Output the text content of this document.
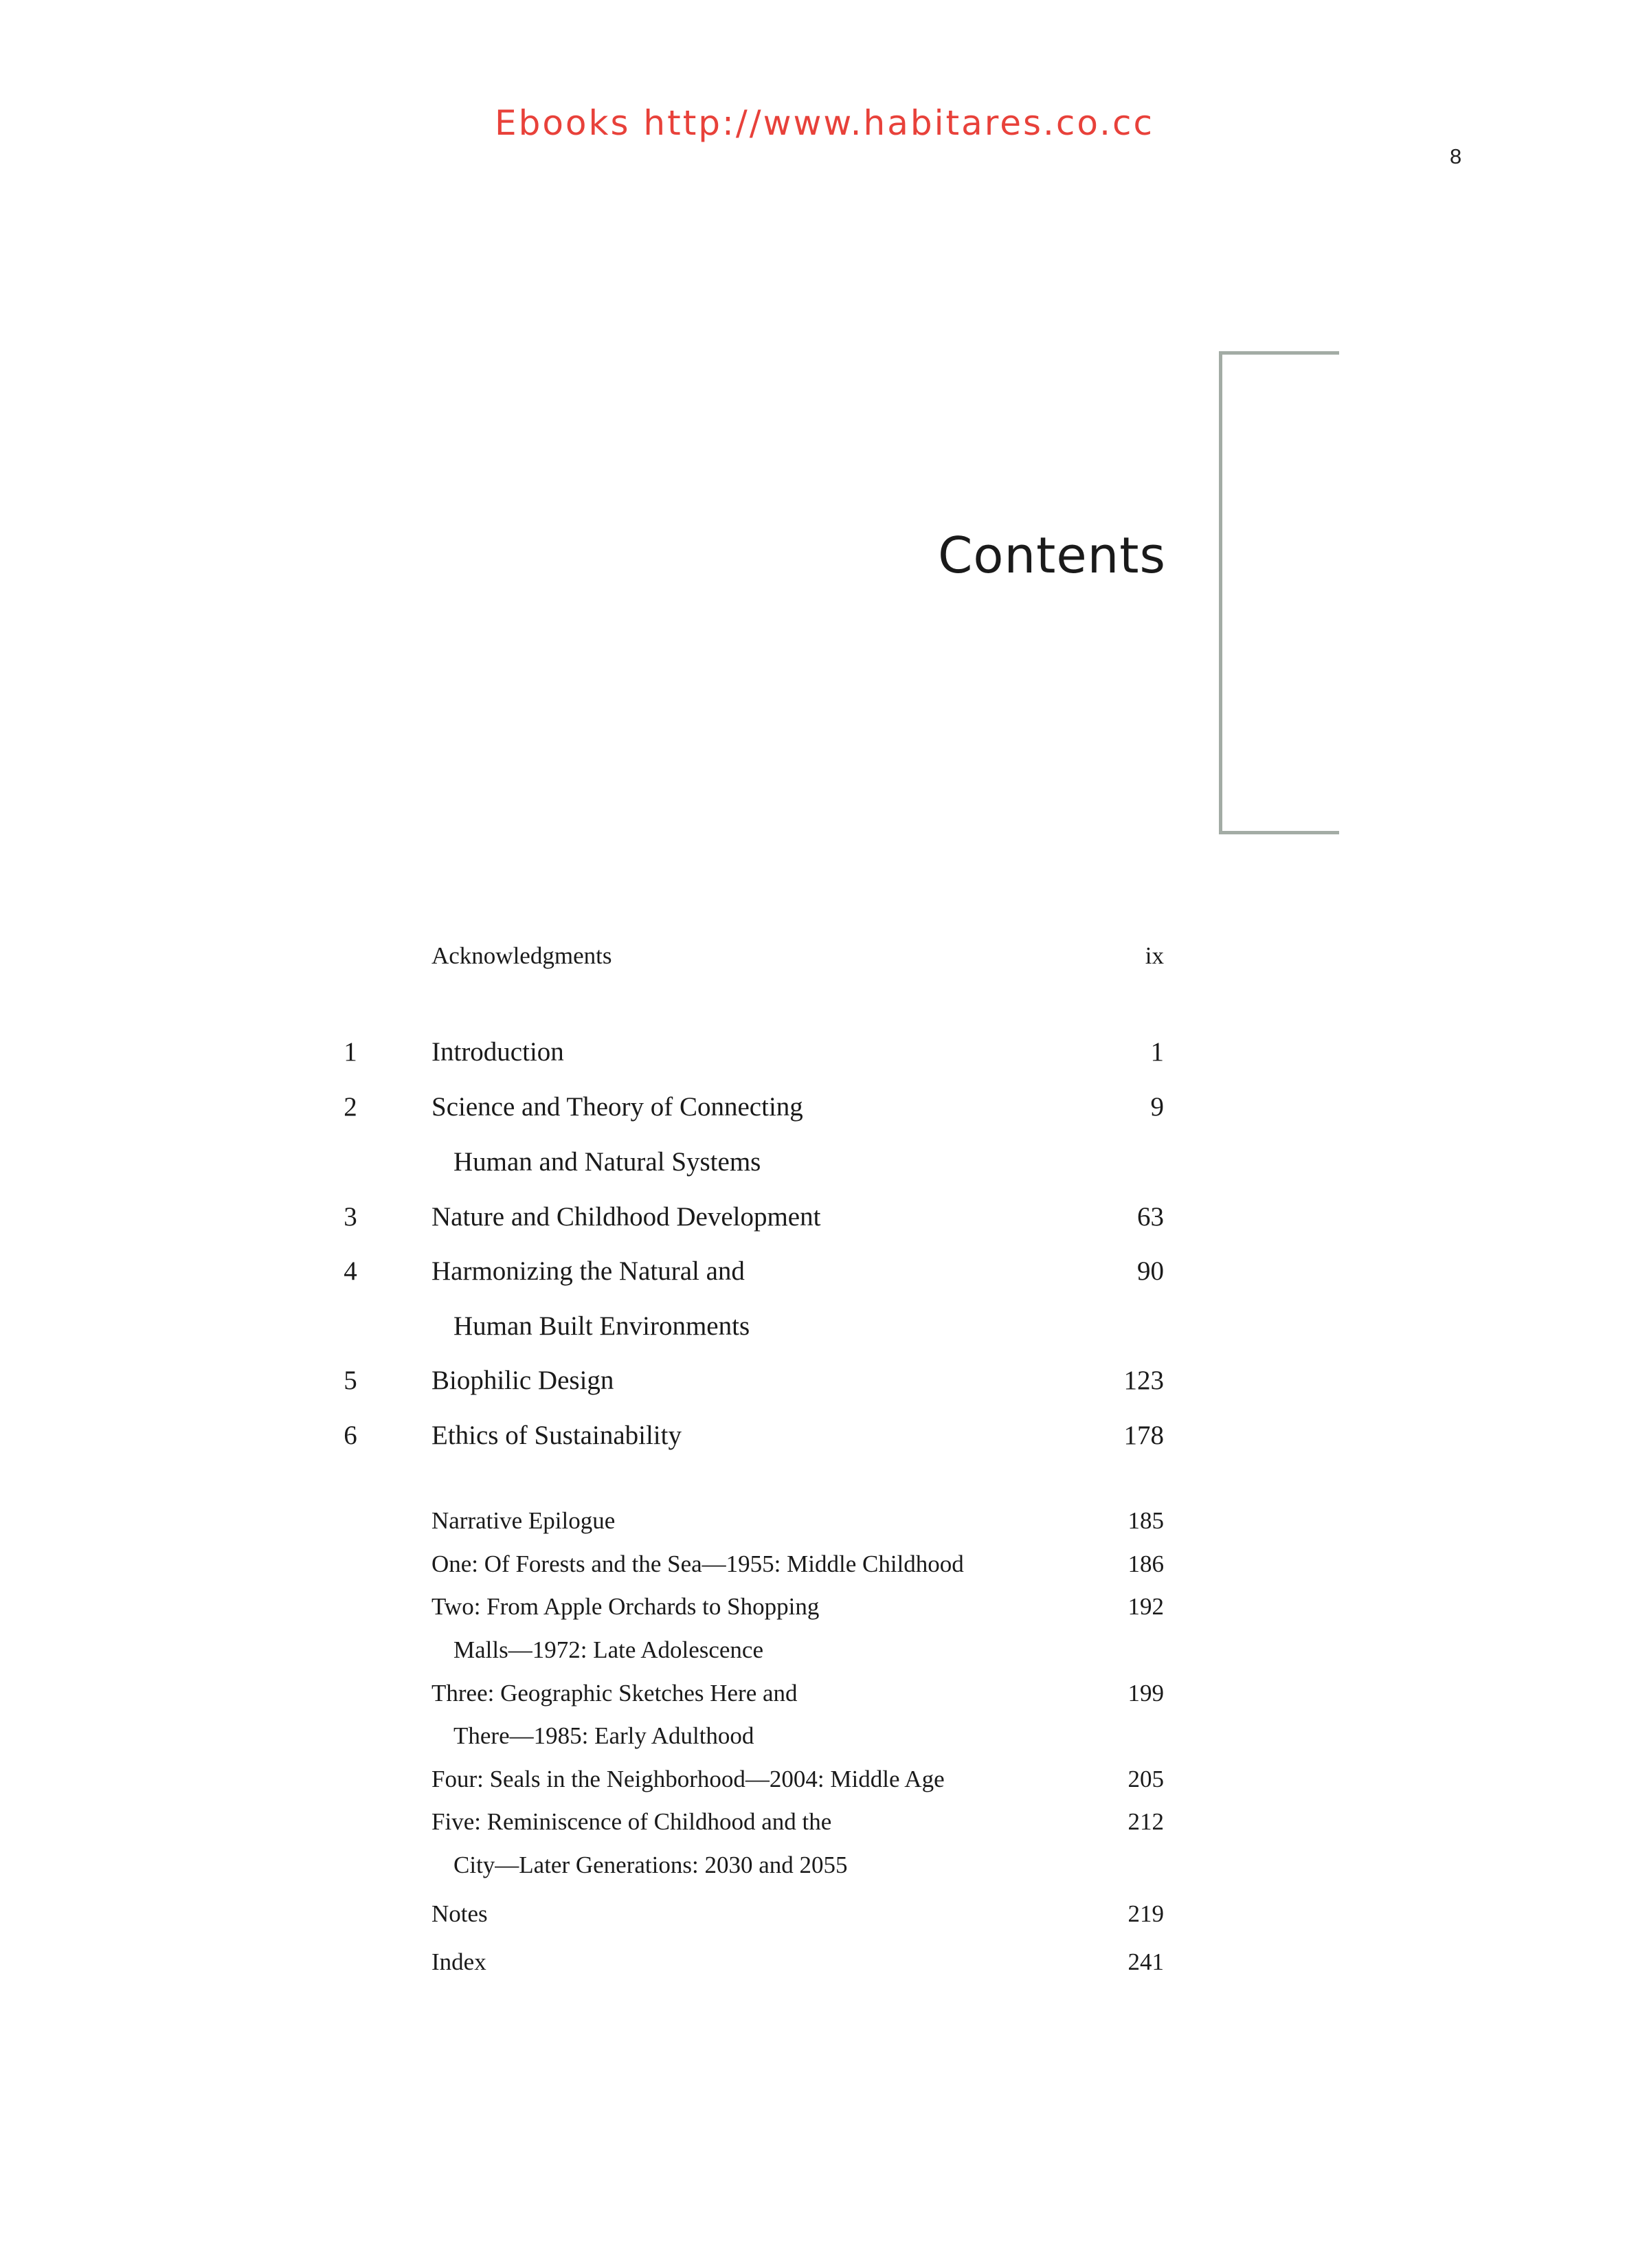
Ebooks http://www.habitares.co.cc
8
Contents
Acknowledgments	ix
1	Introduction	1
2	Science and Theory of Connecting	9
Human and Natural Systems
3	Nature and Childhood Development	63
4	Harmonizing the Natural and	90
Human Built Environments
5	Biophilic Design	123
6	Ethics of Sustainability	178
Narrative Epilogue	185
One: Of Forests and the Sea—1955: Middle Childhood	186
Two: From Apple Orchards to Shopping	192
Malls—1972: Late Adolescence
Three: Geographic Sketches Here and	199
There—1985: Early Adulthood
Four: Seals in the Neighborhood—2004: Middle Age	205
Five: Reminiscence of Childhood and the	212
City—Later Generations: 2030 and 2055
Notes	219
Index	241
